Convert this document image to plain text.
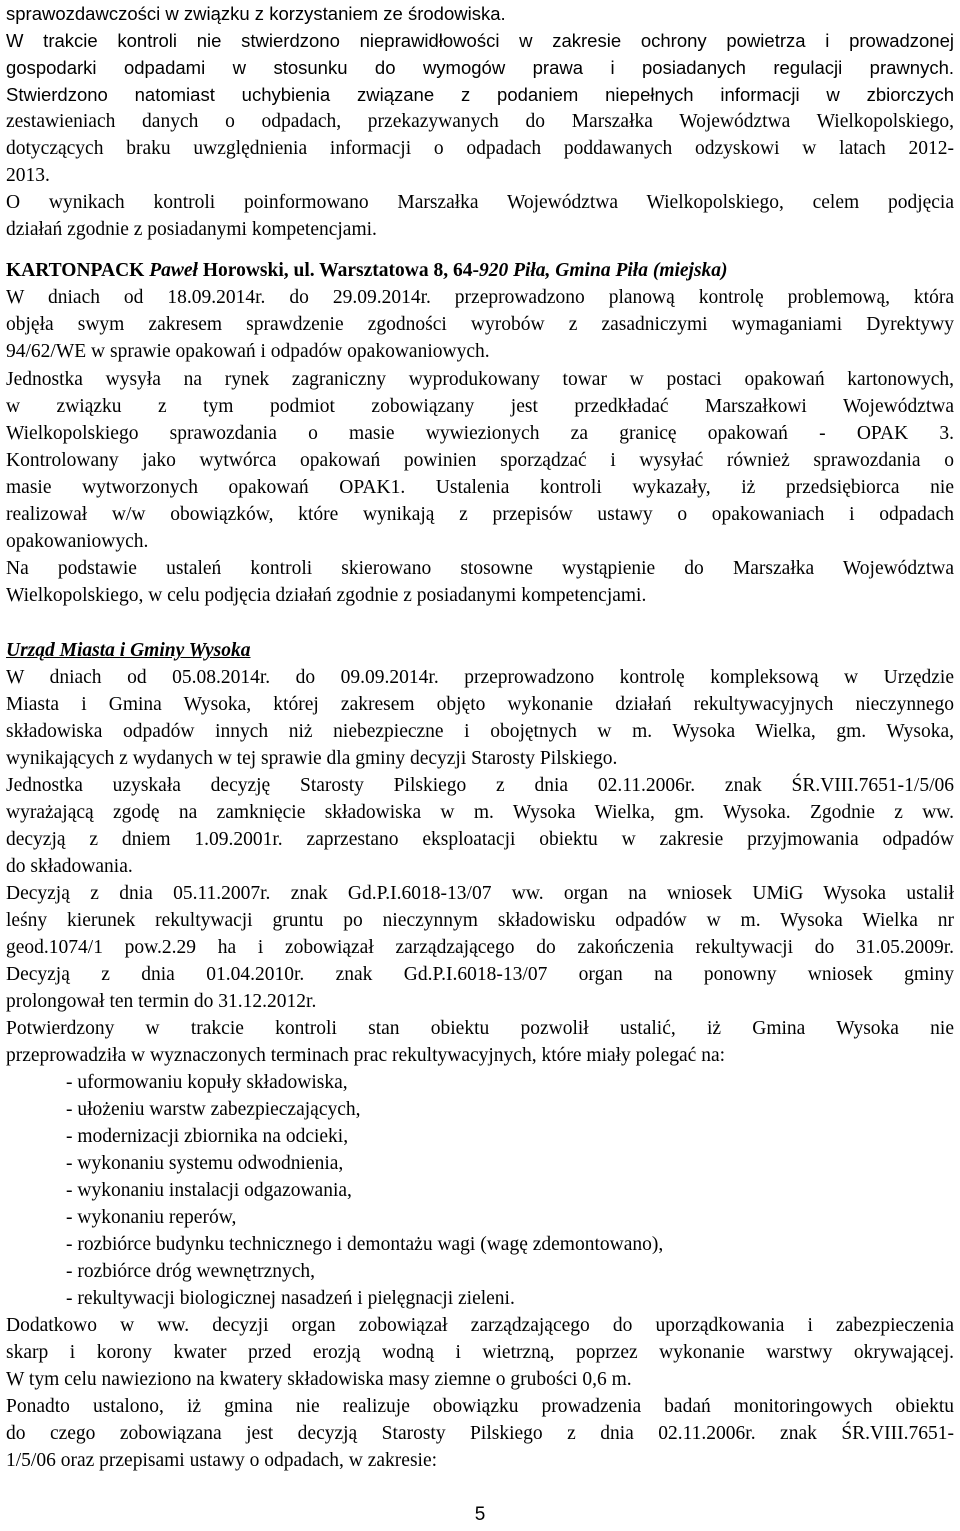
sprawozdawczości w związku z korzystaniem ze środowiska.
W trakcie kontroli nie stwierdzono nieprawidłowości w zakresie ochrony powietrza i prowadzonej
gospodarki odpadami w stosunku do wymogów prawa i posiadanych regulacji prawnych.
Stwierdzono natomiast uchybienia związane z podaniem niepełnych informacji w zbiorczych
zestawieniach danych o odpadach, przekazywanych do Marszałka Województwa Wielkopolskiego,
dotyczących braku uwzględnienia informacji o odpadach poddawanych odzyskowi w latach 2012-
2013.
O wynikach kontroli poinformowano Marszałka Województwa Wielkopolskiego, celem podjęcia
działań zgodnie z posiadanymi kompetencjami.
KARTONPACK Paweł Horowski, ul. Warsztatowa 8, 64-920 Piła, Gmina Piła (miejska)
W dniach od 18.09.2014r. do 29.09.2014r. przeprowadzono planową kontrolę problemową, która
objęła swym zakresem sprawdzenie zgodności wyrobów z zasadniczymi wymaganiami Dyrektywy
94/62/WE w sprawie opakowań i odpadów opakowaniowych.
Jednostka wysyła na rynek zagraniczny wyprodukowany towar w postaci opakowań kartonowych,
w związku z tym podmiot zobowiązany jest przedkładać Marszałkowi Województwa
Wielkopolskiego sprawozdania o masie wywiezionych za granicę opakowań - OPAK 3.
Kontrolowany jako wytwórca opakowań powinien sporządzać i wysyłać również sprawozdania o
masie wytworzonych opakowań OPAK1. Ustalenia kontroli wykazały, iż przedsiębiorca nie
realizował w/w obowiązków, które wynikają z przepisów ustawy o opakowaniach i odpadach
opakowaniowych.
Na podstawie ustaleń kontroli skierowano stosowne wystąpienie do Marszałka Województwa
Wielkopolskiego, w celu podjęcia działań zgodnie z posiadanymi kompetencjami.
Urząd Miasta i Gminy Wysoka
W dniach od 05.08.2014r. do 09.09.2014r. przeprowadzono kontrolę kompleksową w Urzędzie
Miasta i Gmina Wysoka, której zakresem objęto wykonanie działań rekultywacyjnych nieczynnego
składowiska odpadów innych niż niebezpieczne i obojętnych w m. Wysoka Wielka, gm. Wysoka,
wynikających z wydanych w tej sprawie dla gminy decyzji Starosty Pilskiego.
Jednostka uzyskała decyzję Starosty Pilskiego z dnia 02.11.2006r. znak ŚR.VIII.7651-1/5/06
wyrażającą zgodę na zamknięcie składowiska w m. Wysoka Wielka, gm. Wysoka. Zgodnie z ww.
decyzją z dniem 1.09.2001r. zaprzestano eksploatacji obiektu w zakresie przyjmowania odpadów
do składowania.
Decyzją z dnia 05.11.2007r. znak Gd.P.I.6018-13/07 ww. organ na wniosek UMiG Wysoka ustalił
leśny kierunek rekultywacji gruntu po nieczynnym składowisku odpadów w m. Wysoka Wielka nr
geod.1074/1 pow.2.29 ha i zobowiązał zarządzającego do zakończenia rekultywacji do 31.05.2009r.
Decyzją z dnia 01.04.2010r. znak Gd.P.I.6018-13/07 organ na ponowny wniosek gminy
prolongował ten termin do 31.12.2012r.
Potwierdzony w trakcie kontroli stan obiektu pozwolił ustalić, iż Gmina Wysoka nie
przeprowadziła w wyznaczonych terminach prac rekultywacyjnych, które miały polegać na:
- uformowaniu kopuły składowiska,
- ułożeniu warstw zabezpieczających,
- modernizacji zbiornika na odcieki,
- wykonaniu systemu odwodnienia,
- wykonaniu instalacji odgazowania,
- wykonaniu reperów,
- rozbiórce budynku technicznego i demontażu wagi (wagę zdemontowano),
- rozbiórce dróg wewnętrznych,
- rekultywacji biologicznej nasadzeń i pielęgnacji zieleni.
Dodatkowo w ww. decyzji organ zobowiązał zarządzającego do uporządkowania i zabezpieczenia
skarp i korony kwater przed erozją wodną i wietrzną, poprzez wykonanie warstwy okrywającej.
W tym celu nawieziono na kwatery składowiska masy ziemne o grubości 0,6 m.
Ponadto ustalono, iż gmina nie realizuje obowiązku prowadzenia badań monitoringowych obiektu
do czego zobowiązana jest decyzją Starosty Pilskiego z dnia 02.11.2006r. znak ŚR.VIII.7651-
1/5/06 oraz przepisami ustawy o odpadach, w zakresie:
5
